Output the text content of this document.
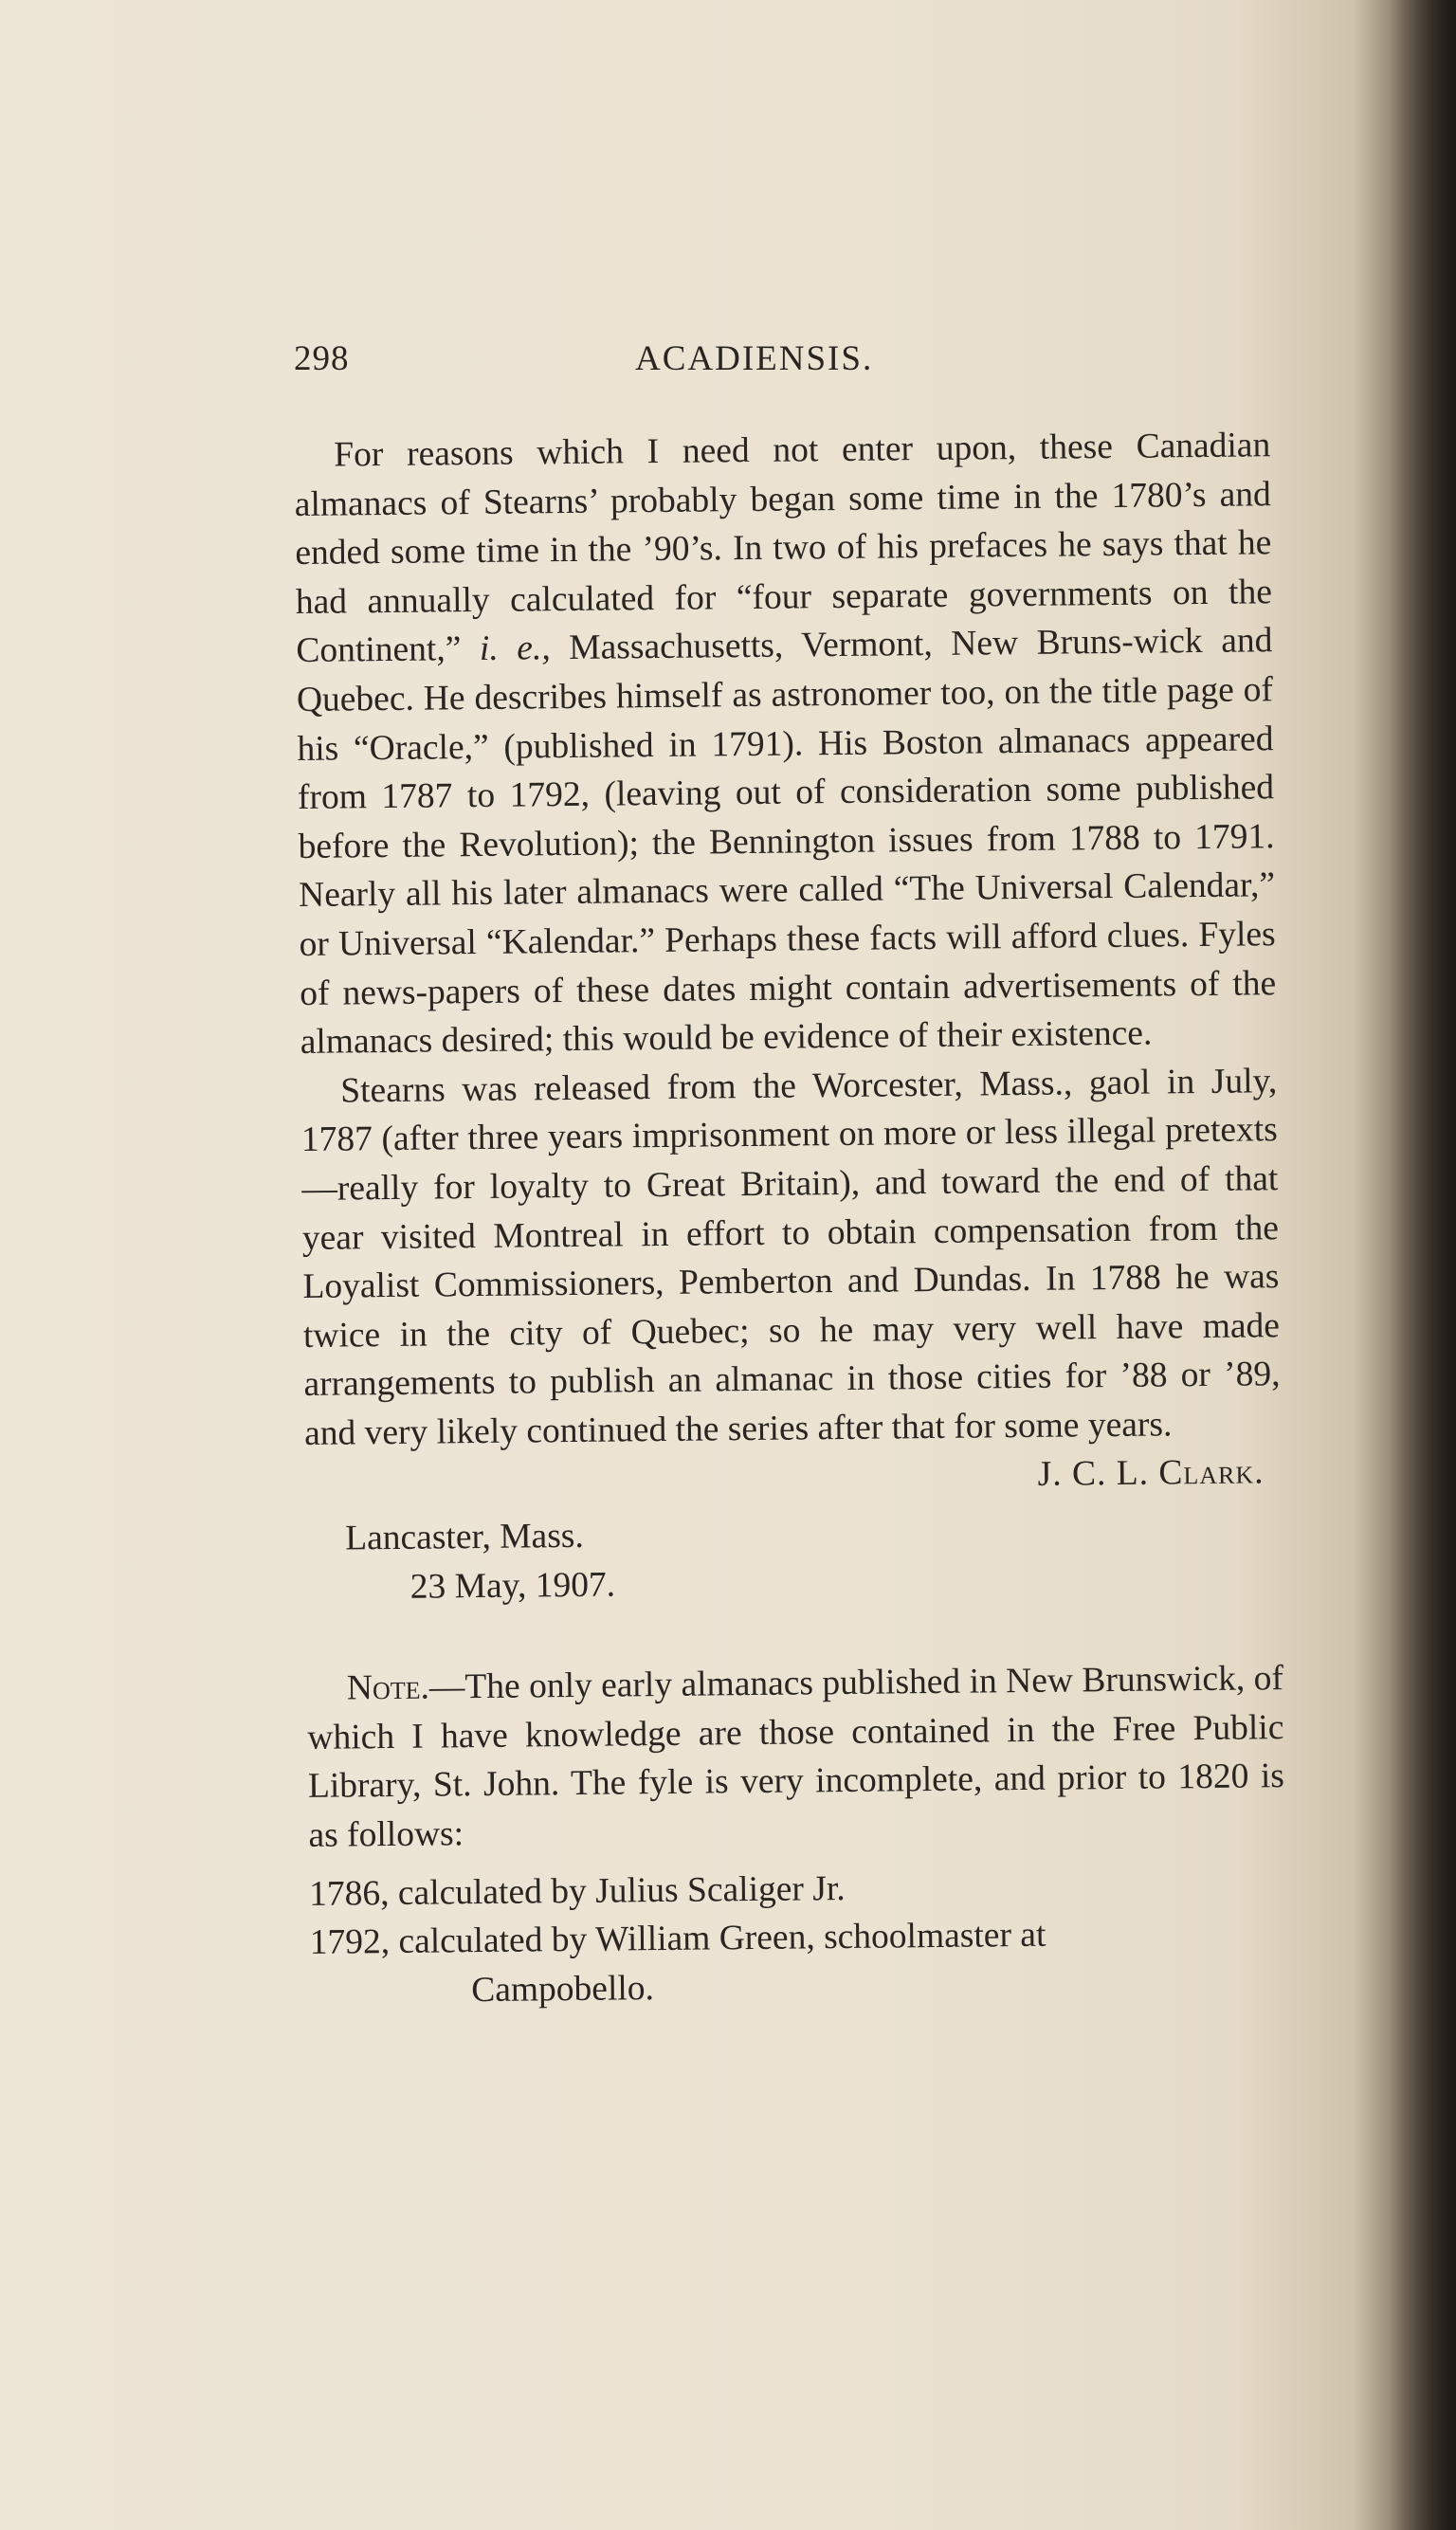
298	ACADIENSIS.

For reasons which I need not enter upon, these Canadian almanacs of Stearns’ probably began some time in the 1780’s and ended some time in the ’90’s. In two of his prefaces he says that he had annually calculated for “four separate governments on the Continent,” i. e., Massachusetts, Vermont, New Bruns-wick and Quebec. He describes himself as astronomer too, on the title page of his “Oracle,” (published in 1791). His Boston almanacs appeared from 1787 to 1792, (leaving out of consideration some published before the Revolution); the Bennington issues from 1788 to 1791. Nearly all his later almanacs were called “The Universal Calendar,” or Universal “Kalendar.” Perhaps these facts will afford clues. Fyles of news-papers of these dates might contain advertisements of the almanacs desired; this would be evidence of their existence.

Stearns was released from the Worcester, Mass., gaol in July, 1787 (after three years imprisonment on more or less illegal pretexts—really for loyalty to Great Britain), and toward the end of that year visited Montreal in effort to obtain compensation from the Loyalist Commissioners, Pemberton and Dundas. In 1788 he was twice in the city of Quebec; so he may very well have made arrangements to publish an almanac in those cities for ’88 or ’89, and very likely continued the series after that for some years.

J. C. L. Clark.
Lancaster, Mass.
23 May, 1907.

Note.—The only early almanacs published in New Brunswick, of which I have knowledge are those contained in the Free Public Library, St. John. The fyle is very incomplete, and prior to 1820 is as follows:

1786, calculated by Julius Scaliger Jr.
1792, calculated by William Green, schoolmaster at
Campobello.
